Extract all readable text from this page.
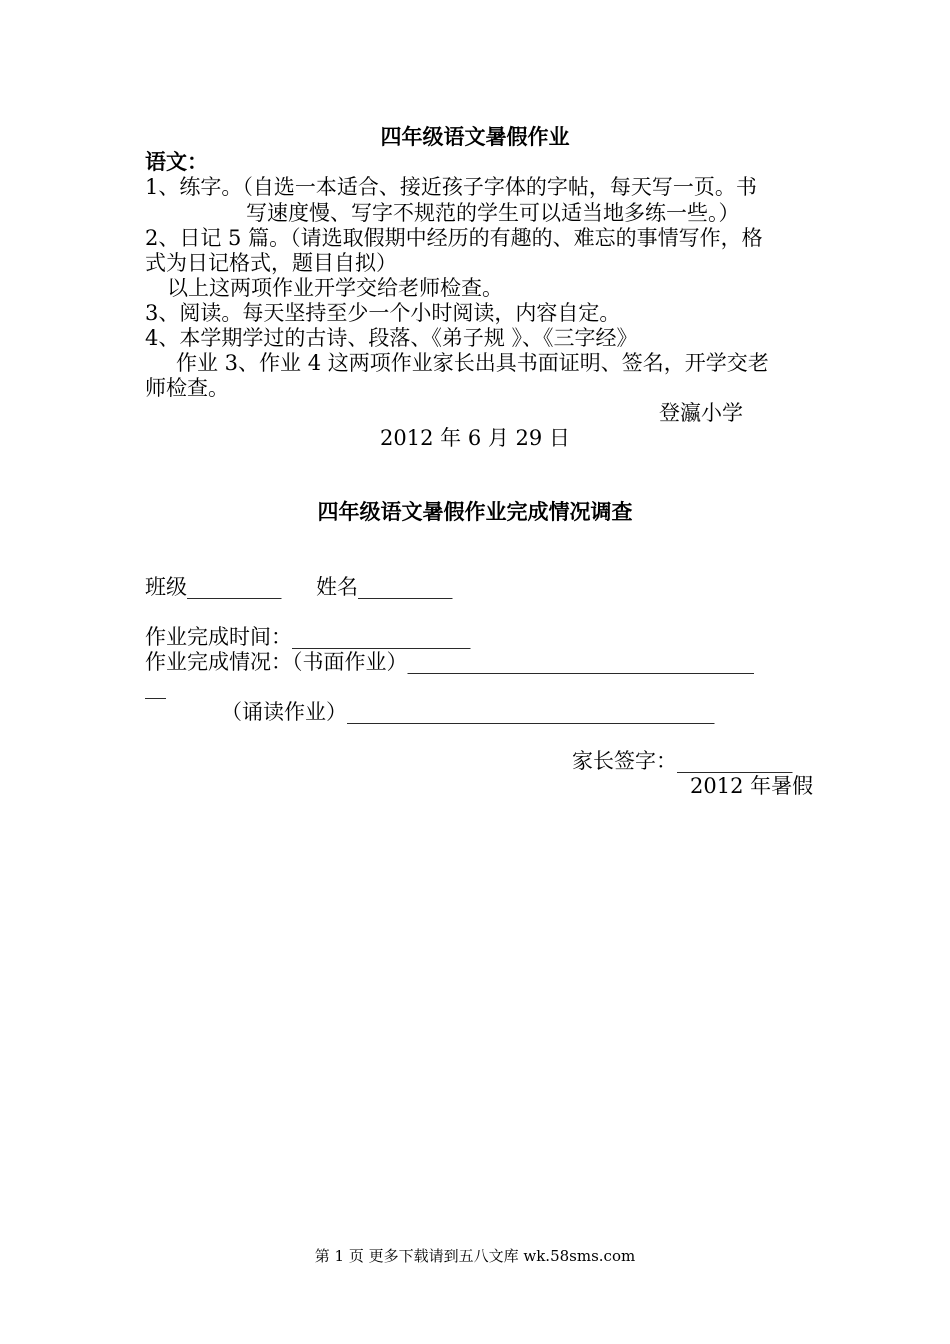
四年级语文暑假作业
语文：
1、练字。（自选一本适合、接近孩子字体的字帖，每天写一页。书
写速度慢、写字不规范的学生可以适当地多练一些。）
2、日记 5 篇。（请选取假期中经历的有趣的、难忘的事情写作，格
式为日记格式，题目自拟）
以上这两项作业开学交给老师检查。
3、阅读。每天坚持至少一个小时阅读，内容自定。
4、本学期学过的古诗、段落、《弟子规 》、《三字经》
作业 3、作业 4 这两项作业家长出具书面证明、签名，开学交老
师检查。
登瀛小学
2012 年 6 月 29 日
四年级语文暑假作业完成情况调查
班级_________ 姓名_________
作业完成时间：_________________
作业完成情况：（书面作业）_________________________________
__
（诵读作业）___________________________________
家长签字：___________
2012 年暑假
第 1 页 更多下载请到五八文库 wk.58sms.com
